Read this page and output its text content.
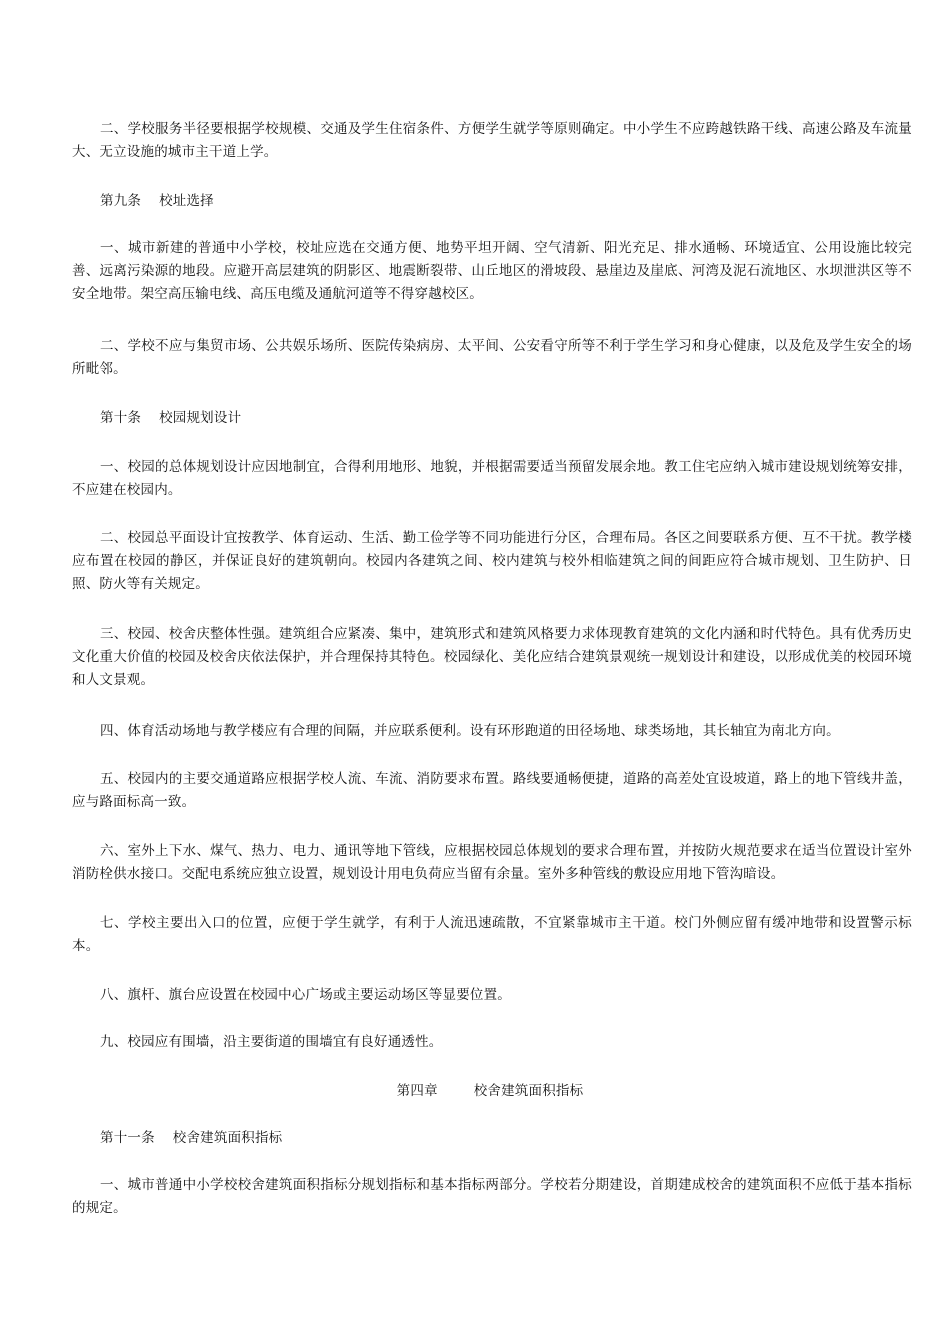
二、学校服务半径要根据学校规模、交通及学生住宿条件、方便学生就学等原则确定。中小学生不应跨越铁路干线、高速公路及车流量大、无立设施的城市主干道上学。

第九条    校址选择

一、城市新建的普通中小学校，校址应选在交通方便、地势平坦开阔、空气清新、阳光充足、排水通畅、环境适宜、公用设施比较完善、远离污染源的地段。应避开高层建筑的阴影区、地震断裂带、山丘地区的滑坡段、悬崖边及崖底、河湾及泥石流地区、水坝泄洪区等不安全地带。架空高压输电线、高压电缆及通航河道等不得穿越校区。

二、学校不应与集贸市场、公共娱乐场所、医院传染病房、太平间、公安看守所等不利于学生学习和身心健康，以及危及学生安全的场所毗邻。

第十条    校园规划设计

一、校园的总体规划设计应因地制宜，合得利用地形、地貌，并根据需要适当预留发展余地。教工住宅应纳入城市建设规划统筹安排，不应建在校园内。

二、校园总平面设计宜按教学、体育运动、生活、勤工俭学等不同功能进行分区，合理布局。各区之间要联系方便、互不干扰。教学楼应布置在校园的静区，并保证良好的建筑朝向。校园内各建筑之间、校内建筑与校外相临建筑之间的间距应符合城市规划、卫生防护、日照、防火等有关规定。

三、校园、校舍庆整体性强。建筑组合应紧凑、集中，建筑形式和建筑风格要力求体现教育建筑的文化内涵和时代特色。具有优秀历史文化重大价值的校园及校舍庆依法保护，并合理保持其特色。校园绿化、美化应结合建筑景观统一规划设计和建设，以形成优美的校园环境和人文景观。

四、体育活动场地与教学楼应有合理的间隔，并应联系便利。设有环形跑道的田径场地、球类场地，其长轴宜为南北方向。

五、校园内的主要交通道路应根据学校人流、车流、消防要求布置。路线要通畅便捷，道路的高差处宜设坡道，路上的地下管线井盖，应与路面标高一致。

六、室外上下水、煤气、热力、电力、通讯等地下管线，应根据校园总体规划的要求合理布置，并按防火规范要求在适当位置设计室外消防栓供水接口。交配电系统应独立设置，规划设计用电负荷应当留有余量。室外多种管线的敷设应用地下管沟暗设。

七、学校主要出入口的位置，应便于学生就学，有利于人流迅速疏散，不宜紧靠城市主干道。校门外侧应留有缓冲地带和设置警示标本。

八、旗杆、旗台应设置在校园中心广场或主要运动场区等显要位置。

九、校园应有围墙，沿主要街道的围墙宜有良好通透性。

第四章        校舍建筑面积指标

第十一条    校舍建筑面积指标

一、城市普通中小学校校舍建筑面积指标分规划指标和基本指标两部分。学校若分期建设，首期建成校舍的建筑面积不应低于基本指标的规定。
